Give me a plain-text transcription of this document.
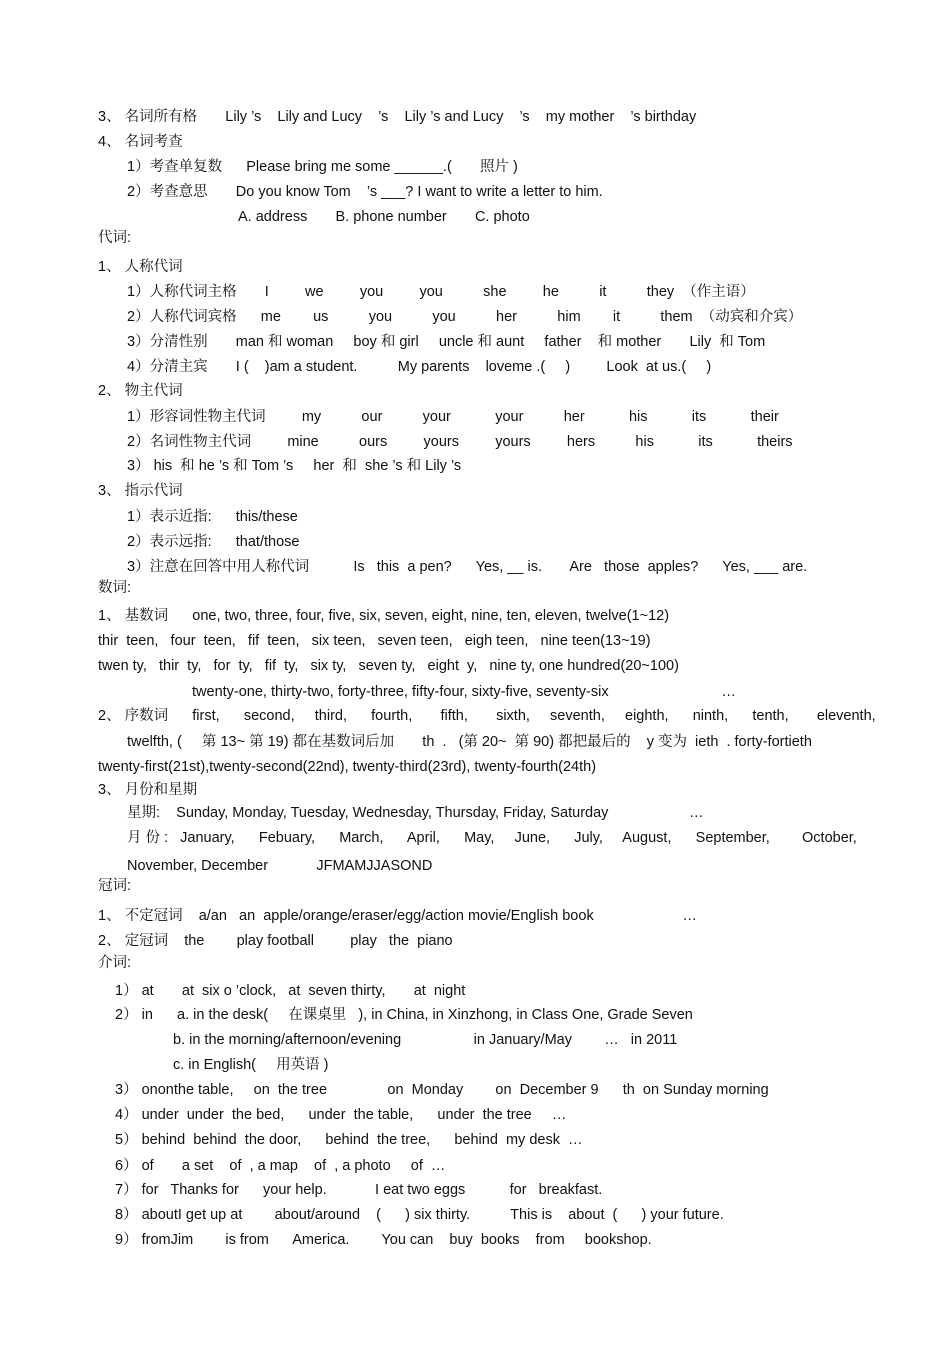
3、 名词所有格       Lily ’s    Lily and Lucy    ’s    Lily ’s and Lucy    ’s    my mother    ’s birthday
4、 名词考查
1）考查单复数      Please bring me some ______.(       照片 )
2）考查意思       Do you know Tom    ’s ___? I want to write a letter to him.
A. address       B. phone number       C. photo
代词:
1、 人称代词
1）人称代词主格       I         we         you         you          she         he          it          they  （作主语）
2）人称代词宾格      me        us          you          you          her          him        it          them  （动宾和介宾）
3）分清性别       man 和 woman     boy 和 girl     uncle 和 aunt     father    和 mother       Lily  和 Tom
4）分清主宾       I (    )am a student.          My parents    loveme .(     )         Look  at us.(     )
2、 物主代词
1）形容词性物主代词         my          our          your           your          her           his           its           their
2）名词性物主代词         mine          ours         yours         yours         hers          his           its           theirs
3） his  和 he ’s 和 Tom ’s     her  和  she ’s 和 Lily ’s
3、 指示代词
1）表示近指:      this/these
2）表示远指:      that/those
3）注意在回答中用人称代词           Is   this  a pen?      Yes, __ is.       Are   those  apples?      Yes, ___ are.
数词:
1、 基数词      one, two, three, four, five, six, seven, eight, nine, ten, eleven, twelve(1~12)
thir  teen,   four  teen,   fif  teen,   six teen,   seven teen,   eigh teen,   nine teen(13~19)
twen ty,   thir  ty,   for  ty,   fif  ty,   six ty,   seven ty,   eight  y,   nine ty, one hundred(20~100)
twenty-one, thirty-two, forty-three, fifty-four, sixty-five, seventy-six                            …
2、 序数词      first,      second,     third,      fourth,       fifth,       sixth,     seventh,     eighth,      ninth,      tenth,       eleventh,
twelfth, (     第 13~ 第 19) 都在基数词后加       th  .   (第 20~  第 90) 都把最后的    y 变为  ieth  . forty-fortieth
twenty-first(21st),twenty-second(22nd), twenty-third(23rd), twenty-fourth(24th)
3、 月份和星期
星期:    Sunday, Monday, Tuesday, Wednesday, Thursday, Friday, Saturday                    …
月 份 :   January,      Febuary,      March,      April,      May,     June,      July,     August,      September,        October,
November, December            JFMAMJJASOND
冠词:
1、 不定冠词    a/an   an  apple/orange/eraser/egg/action movie/English book                      …
2、 定冠词    the        play football         play   the  piano
介词:
1） at       at  six o ’clock,   at  seven thirty,       at  night
2） in      a. in the desk(     在课桌里   ), in China, in Xinzhong, in Class One, Grade Seven
b. in the morning/afternoon/evening                  in January/May        …   in 2011
c. in English(     用英语 )
3） ononthe table,     on  the tree               on  Monday        on  December 9      th  on Sunday morning
4） under  under  the bed,      under  the table,      under  the tree     …
5） behind  behind  the door,      behind  the tree,      behind  my desk  …
6） of       a set    of  , a map    of  , a photo     of  …
7） for   Thanks for      your help.            I eat two eggs           for   breakfast.
8） aboutI get up at        about/around    (      ) six thirty.          This is    about  (      ) your future.
9） fromJim        is from      America.        You can    buy  books    from     bookshop.
